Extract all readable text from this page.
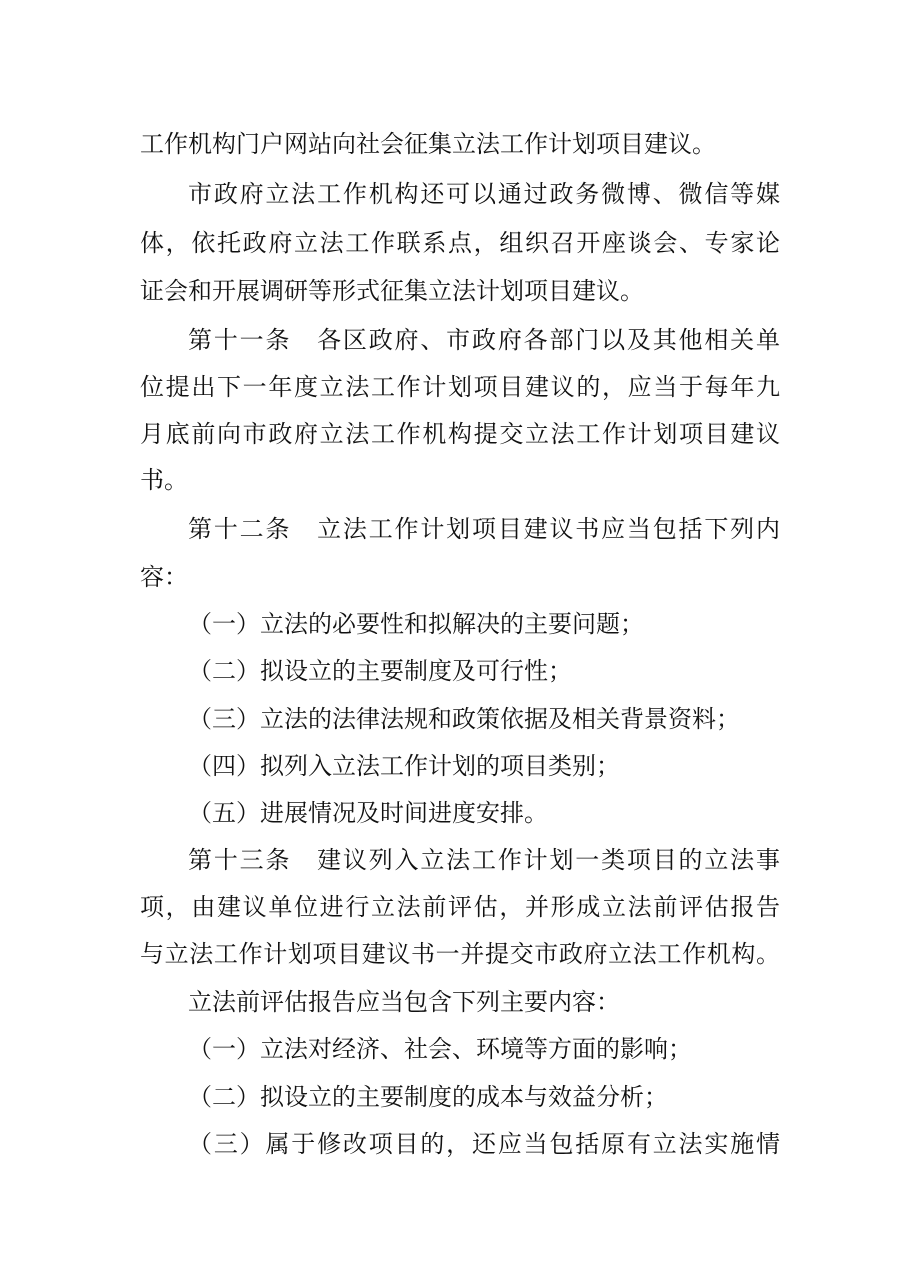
工作机构门户网站向社会征集立法工作计划项目建议。
市政府立法工作机构还可以通过政务微博、微信等媒
体，依托政府立法工作联系点，组织召开座谈会、专家论
证会和开展调研等形式征集立法计划项目建议。
第十一条　各区政府、市政府各部门以及其他相关单
位提出下一年度立法工作计划项目建议的，应当于每年九
月底前向市政府立法工作机构提交立法工作计划项目建议
书。
第十二条　立法工作计划项目建议书应当包括下列内
容：
（一）立法的必要性和拟解决的主要问题；
（二）拟设立的主要制度及可行性；
（三）立法的法律法规和政策依据及相关背景资料；
（四）拟列入立法工作计划的项目类别；
（五）进展情况及时间进度安排。
第十三条　建议列入立法工作计划一类项目的立法事
项，由建议单位进行立法前评估，并形成立法前评估报告
与立法工作计划项目建议书一并提交市政府立法工作机构。
立法前评估报告应当包含下列主要内容：
（一）立法对经济、社会、环境等方面的影响；
（二）拟设立的主要制度的成本与效益分析；
（三）属于修改项目的，还应当包括原有立法实施情
